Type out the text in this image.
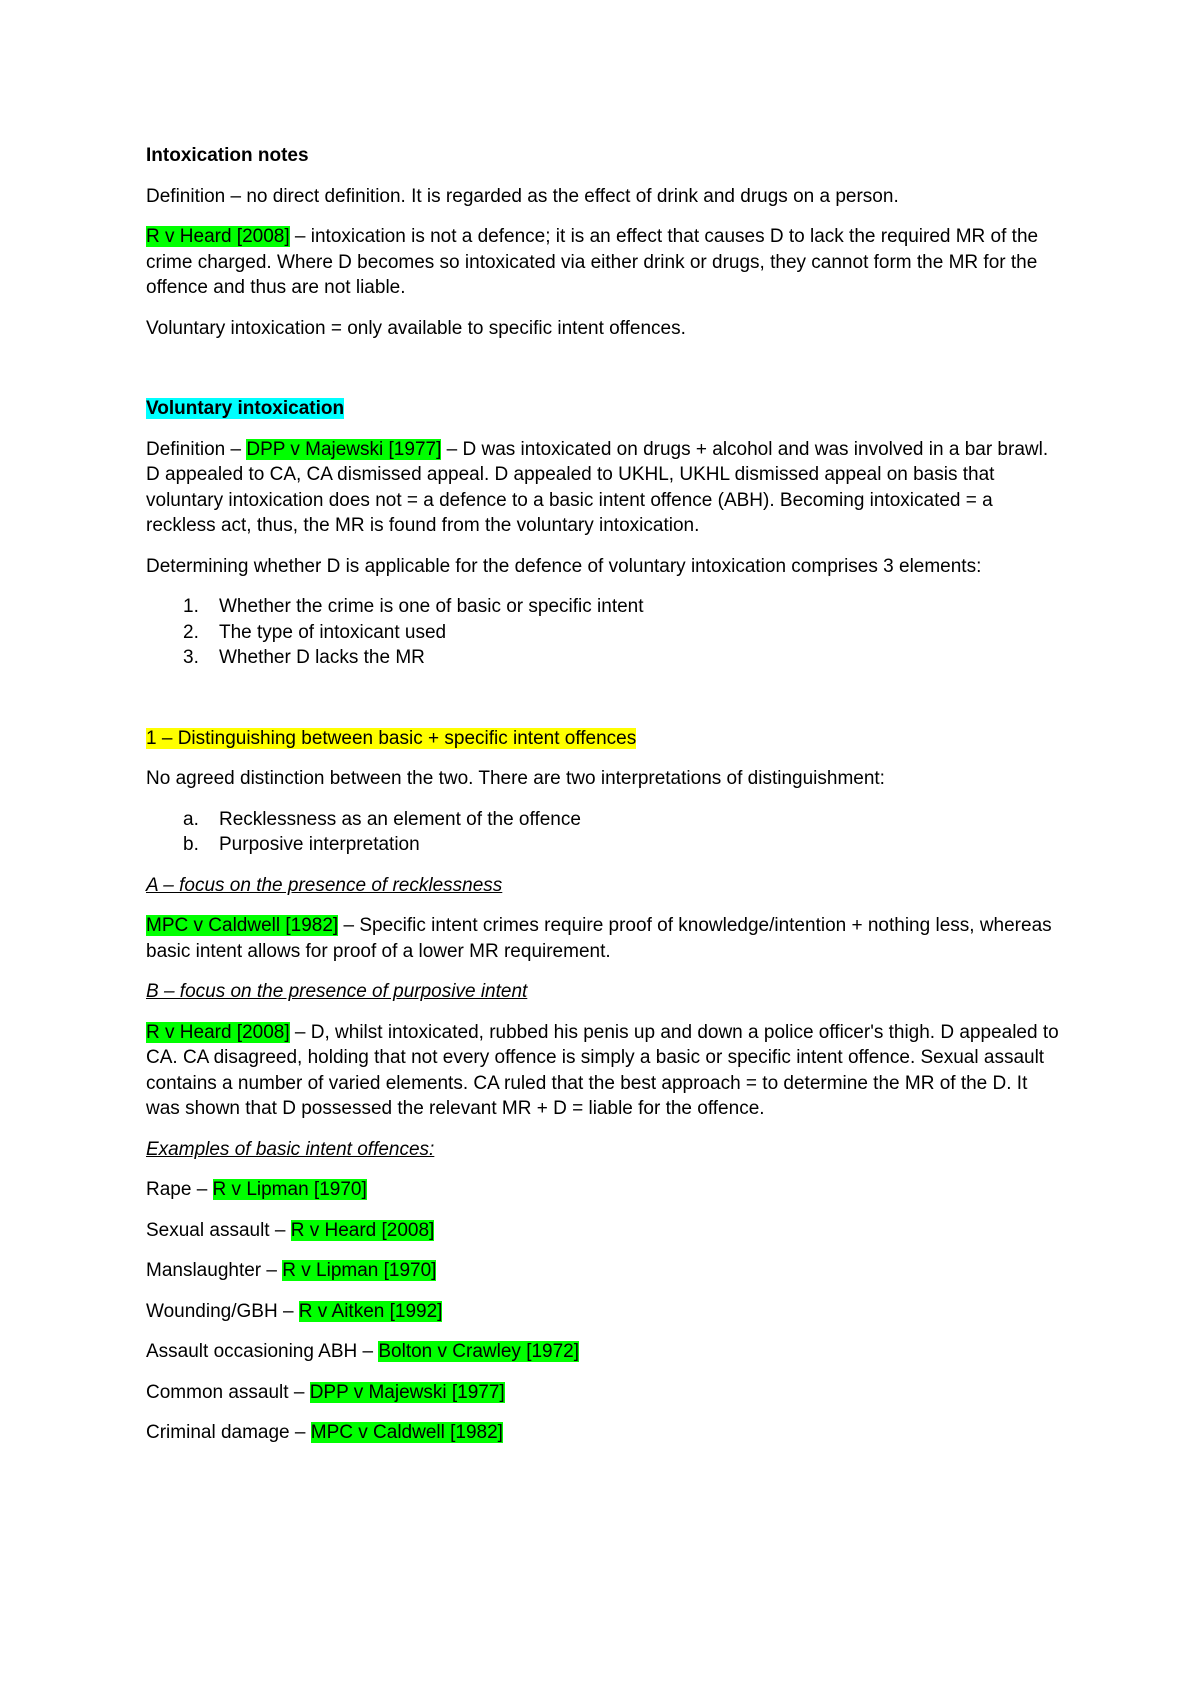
Intoxication notes

Definition – no direct definition. It is regarded as the effect of drink and drugs on a person.

R v Heard [2008] – intoxication is not a defence; it is an effect that causes D to lack the required MR of the crime charged. Where D becomes so intoxicated via either drink or drugs, they cannot form the MR for the offence and thus are not liable.

Voluntary intoxication = only available to specific intent offences.

Voluntary intoxication

Definition – DPP v Majewski [1977] – D was intoxicated on drugs + alcohol and was involved in a bar brawl. D appealed to CA, CA dismissed appeal. D appealed to UKHL, UKHL dismissed appeal on basis that voluntary intoxication does not = a defence to a basic intent offence (ABH). Becoming intoxicated = a reckless act, thus, the MR is found from the voluntary intoxication.

Determining whether D is applicable for the defence of voluntary intoxication comprises 3 elements:

1. Whether the crime is one of basic or specific intent
2. The type of intoxicant used
3. Whether D lacks the MR

1 – Distinguishing between basic + specific intent offences

No agreed distinction between the two. There are two interpretations of distinguishment:

a. Recklessness as an element of the offence
b. Purposive interpretation

A – focus on the presence of recklessness

MPC v Caldwell [1982] – Specific intent crimes require proof of knowledge/intention + nothing less, whereas basic intent allows for proof of a lower MR requirement.

B – focus on the presence of purposive intent

R v Heard [2008] – D, whilst intoxicated, rubbed his penis up and down a police officer's thigh. D appealed to CA. CA disagreed, holding that not every offence is simply a basic or specific intent offence. Sexual assault contains a number of varied elements. CA ruled that the best approach = to determine the MR of the D. It was shown that D possessed the relevant MR + D = liable for the offence.

Examples of basic intent offences:

Rape – R v Lipman [1970]

Sexual assault – R v Heard [2008]

Manslaughter – R v Lipman [1970]

Wounding/GBH – R v Aitken [1992]

Assault occasioning ABH – Bolton v Crawley [1972]

Common assault – DPP v Majewski [1977]

Criminal damage – MPC v Caldwell [1982]
